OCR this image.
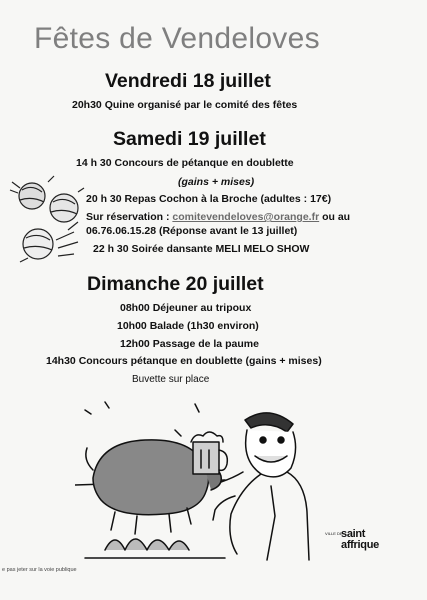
Fêtes de Vendeloves
Vendredi 18 juillet
20h30 Quine organisé par le comité des fêtes
Samedi 19 juillet
14 h 30 Concours de pétanque en doublette
(gains + mises)
20 h 30 Repas Cochon à la Broche (adultes : 17€)
Sur réservation : comitevendeloves@orange.fr ou au
06.76.06.15.28 (Réponse avant le 13 juillet)
22 h 30 Soirée dansante MELI MELO SHOW
Dimanche 20 juillet
08h00 Déjeuner au tripoux
10h00 Balade (1h30 environ)
12h00 Passage de la paume
14h30 Concours pétanque en doublette (gains + mises)
Buvette sur place
VILLE DE
saint
affrique
e pas jeter sur la voie publique
